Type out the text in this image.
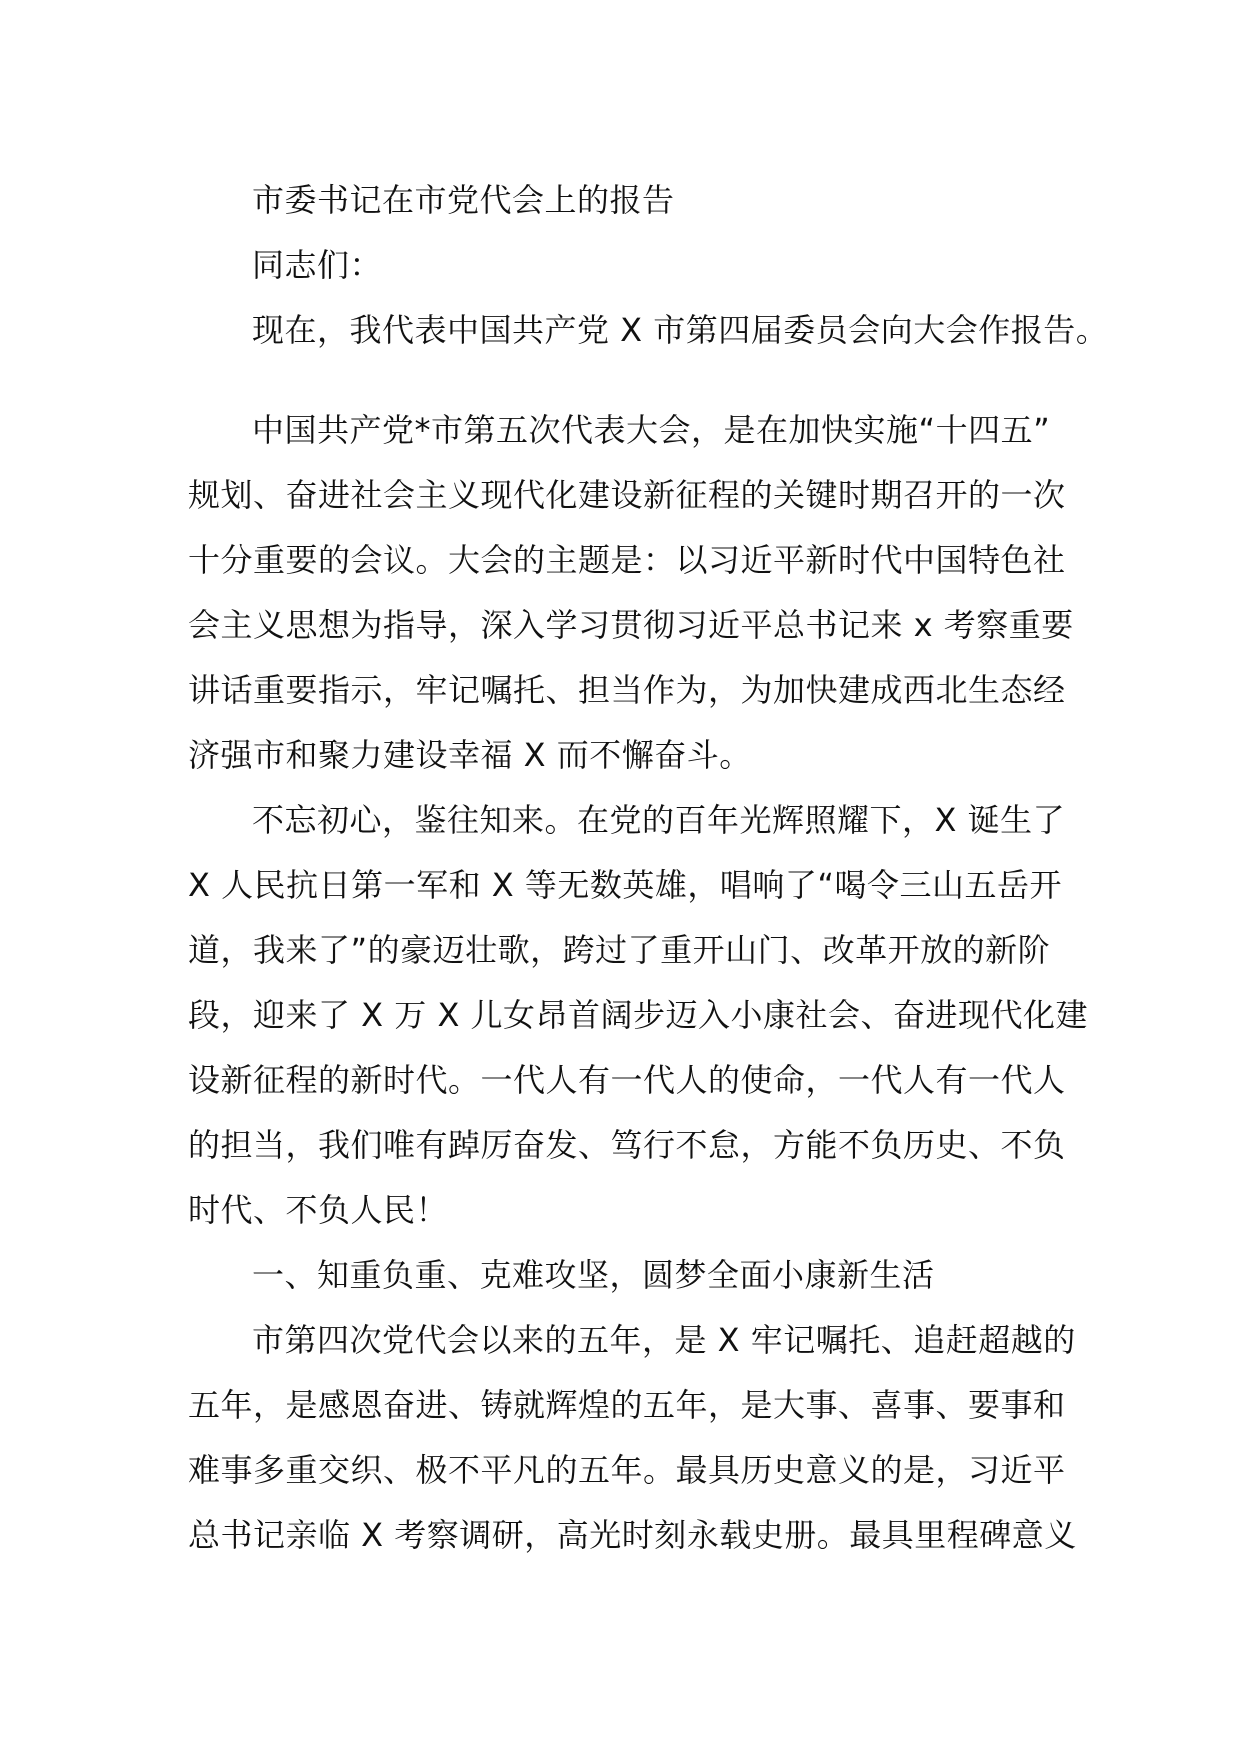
市委书记在市党代会上的报告
同志们：
现在，我代表中国共产党 X 市第四届委员会向大会作报告。
中国共产党*市第五次代表大会，是在加快实施“十四五”
规划、奋进社会主义现代化建设新征程的关键时期召开的一次
十分重要的会议。大会的主题是：以习近平新时代中国特色社
会主义思想为指导，深入学习贯彻习近平总书记来 x 考察重要
讲话重要指示，牢记嘱托、担当作为，为加快建成西北生态经
济强市和聚力建设幸福 X 而不懈奋斗。
不忘初心，鉴往知来。在党的百年光辉照耀下，X 诞生了
X 人民抗日第一军和 X 等无数英雄，唱响了“喝令三山五岳开
道，我来了”的豪迈壮歌，跨过了重开山门、改革开放的新阶
段，迎来了 X 万 X 儿女昂首阔步迈入小康社会、奋进现代化建
设新征程的新时代。一代人有一代人的使命，一代人有一代人
的担当，我们唯有踔厉奋发、笃行不怠，方能不负历史、不负
时代、不负人民！
一、知重负重、克难攻坚，圆梦全面小康新生活
市第四次党代会以来的五年，是 X 牢记嘱托、追赶超越的
五年，是感恩奋进、铸就辉煌的五年，是大事、喜事、要事和
难事多重交织、极不平凡的五年。最具历史意义的是，习近平
总书记亲临 X 考察调研，高光时刻永载史册。最具里程碑意义
